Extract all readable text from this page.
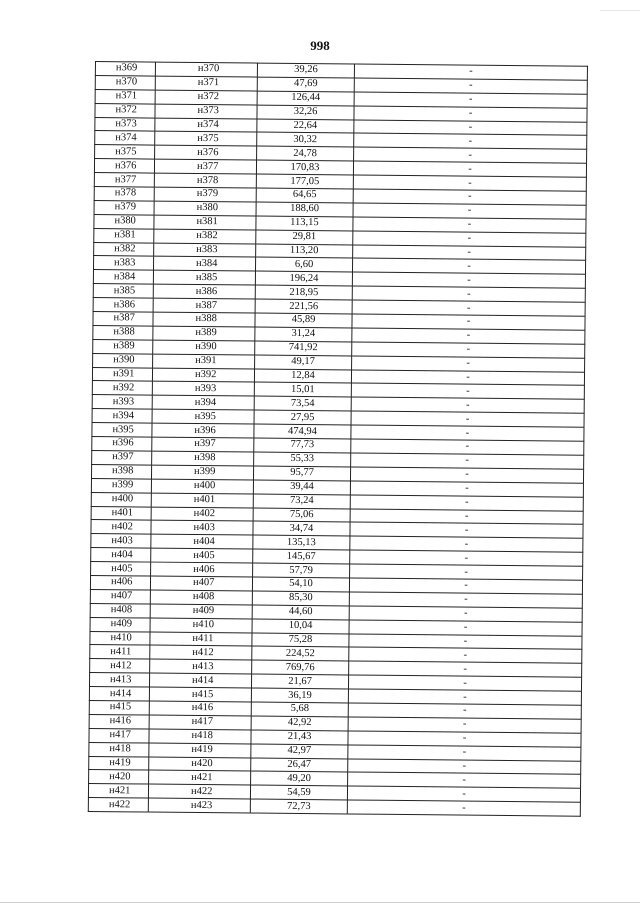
998
н369	н370	39,26	-
н370	н371	47,69	-
н371	н372	126,44	-
н372	н373	32,26	-
н373	н374	22,64	-
н374	н375	30,32	-
н375	н376	24,78	-
н376	н377	170,83	-
н377	н378	177,05	-
н378	н379	64,65	-
н379	н380	188,60	-
н380	н381	113,15	-
н381	н382	29,81	-
н382	н383	113,20	-
н383	н384	6,60	-
н384	н385	196,24	-
н385	н386	218,95	-
н386	н387	221,56	-
н387	н388	45,89	-
н388	н389	31,24	-
н389	н390	741,92	-
н390	н391	49,17	-
н391	н392	12,84	-
н392	н393	15,01	-
н393	н394	73,54	-
н394	н395	27,95	-
н395	н396	474,94	-
н396	н397	77,73	-
н397	н398	55,33	-
н398	н399	95,77	-
н399	н400	39,44	-
н400	н401	73,24	-
н401	н402	75,06	-
н402	н403	34,74	-
н403	н404	135,13	-
н404	н405	145,67	-
н405	н406	57,79	-
н406	н407	54,10	-
н407	н408	85,30	-
н408	н409	44,60	-
н409	н410	10,04	-
н410	н411	75,28	-
н411	н412	224,52	-
н412	н413	769,76	-
н413	н414	21,67	-
н414	н415	36,19	-
н415	н416	5,68	-
н416	н417	42,92	-
н417	н418	21,43	-
н418	н419	42,97	-
н419	н420	26,47	-
н420	н421	49,20	-
н421	н422	54,59	-
н422	н423	72,73	-
